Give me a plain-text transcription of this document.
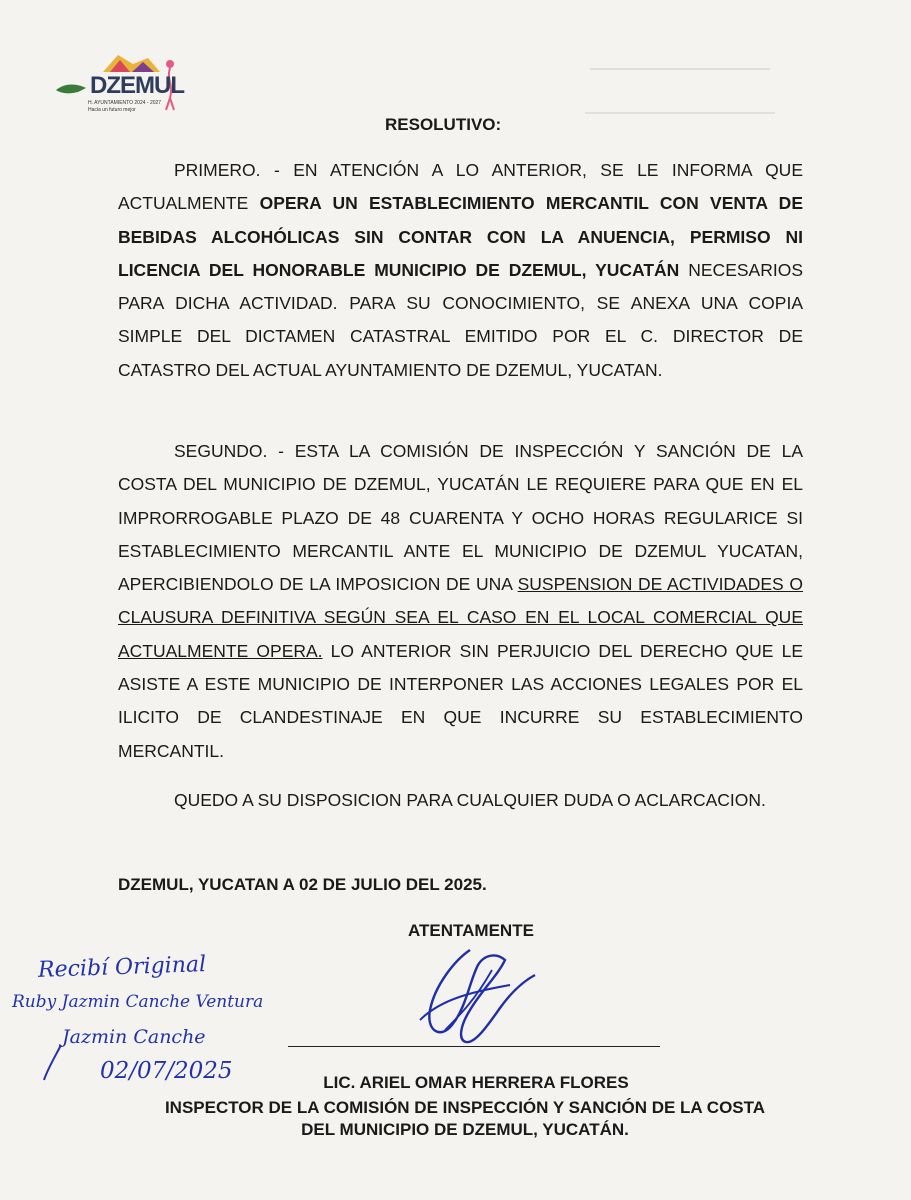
DZEMUL
H. AYUNTAMIENTO 2024 - 2027
Hacia un futuro mejor
RESOLUTIVO:
PRIMERO. - EN ATENCIÓN A LO ANTERIOR, SE LE INFORMA QUE ACTUALMENTE OPERA UN ESTABLECIMIENTO MERCANTIL CON VENTA DE BEBIDAS ALCOHÓLICAS SIN CONTAR CON LA ANUENCIA, PERMISO NI LICENCIA DEL HONORABLE MUNICIPIO DE DZEMUL, YUCATÁN NECESARIOS PARA DICHA ACTIVIDAD. PARA SU CONOCIMIENTO, SE ANEXA UNA COPIA SIMPLE DEL DICTAMEN CATASTRAL EMITIDO POR EL C. DIRECTOR DE CATASTRO DEL ACTUAL AYUNTAMIENTO DE DZEMUL, YUCATAN.
SEGUNDO. - ESTA LA COMISIÓN DE INSPECCIÓN Y SANCIÓN DE LA COSTA DEL MUNICIPIO DE DZEMUL, YUCATÁN LE REQUIERE PARA QUE EN EL IMPRORROGABLE PLAZO DE 48 CUARENTA Y OCHO HORAS REGULARICE SI ESTABLECIMIENTO MERCANTIL ANTE EL MUNICIPIO DE DZEMUL YUCATAN, APERCIBIENDOLO DE LA IMPOSICION DE UNA SUSPENSION DE ACTIVIDADES O CLAUSURA DEFINITIVA SEGÚN SEA EL CASO EN EL LOCAL COMERCIAL QUE ACTUALMENTE OPERA. LO ANTERIOR SIN PERJUICIO DEL DERECHO QUE LE ASISTE A ESTE MUNICIPIO DE INTERPONER LAS ACCIONES LEGALES POR EL ILICITO DE CLANDESTINAJE EN QUE INCURRE SU ESTABLECIMIENTO MERCANTIL.
QUEDO A SU DISPOSICION PARA CUALQUIER DUDA O ACLARCACION.
DZEMUL, YUCATAN A 02 DE JULIO DEL 2025.
ATENTAMENTE
LIC. ARIEL OMAR HERRERA FLORES
INSPECTOR DE LA COMISIÓN DE INSPECCIÓN Y SANCIÓN DE LA COSTA
DEL MUNICIPIO DE DZEMUL, YUCATÁN.
Recibí Original
Ruby Jazmin Canche Ventura
Jazmin Canche
02/07/2025
